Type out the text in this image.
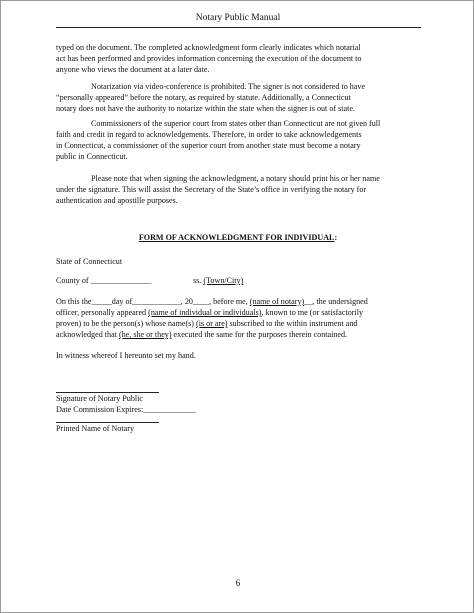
Notary Public Manual
typed on the document. The completed acknowledgment form clearly indicates which notarial
act has been performed and provides information concerning the execution of the document to
anyone who views the document at a later date.
Notarization via video-conference is prohibited. The signer is not considered to have
“personally appeared” before the notary, as required by statute. Additionally, a Connecticut
notary does not have the authority to notarize within the state when the signer is out of state.
Commissioners of the superior court from states other than Connecticut are not given full
faith and credit in regard to acknowledgements. Therefore, in order to take acknowledgements
in Connecticut, a commissioner of the superior court from another state must become a notary
public in Connecticut.
Please note that when signing the acknowledgment, a notary should print his or her name
under the signature. This will assist the Secretary of the State’s office in verifying the notary for
authentication and apostille purposes.
FORM OF ACKNOWLEDGMENT FOR INDIVIDUAL:
State of Connecticut
County of _______________	ss. (Town/City)
On this the_____day of____________, 20____, before me, (name of notary)__, the undersigned
officer, personally appeared (name of individual or individuals), known to me (or satisfactorily
proven) to be the person(s) whose name(s) (is or are) subscribed to the within instrument and
acknowledged that (he, she or they) executed the same for the purposes therein contained.
In witness whereof I hereunto set my hand.
Signature of Notary Public
Date Commission Expires:_____________
Printed Name of Notary
6
